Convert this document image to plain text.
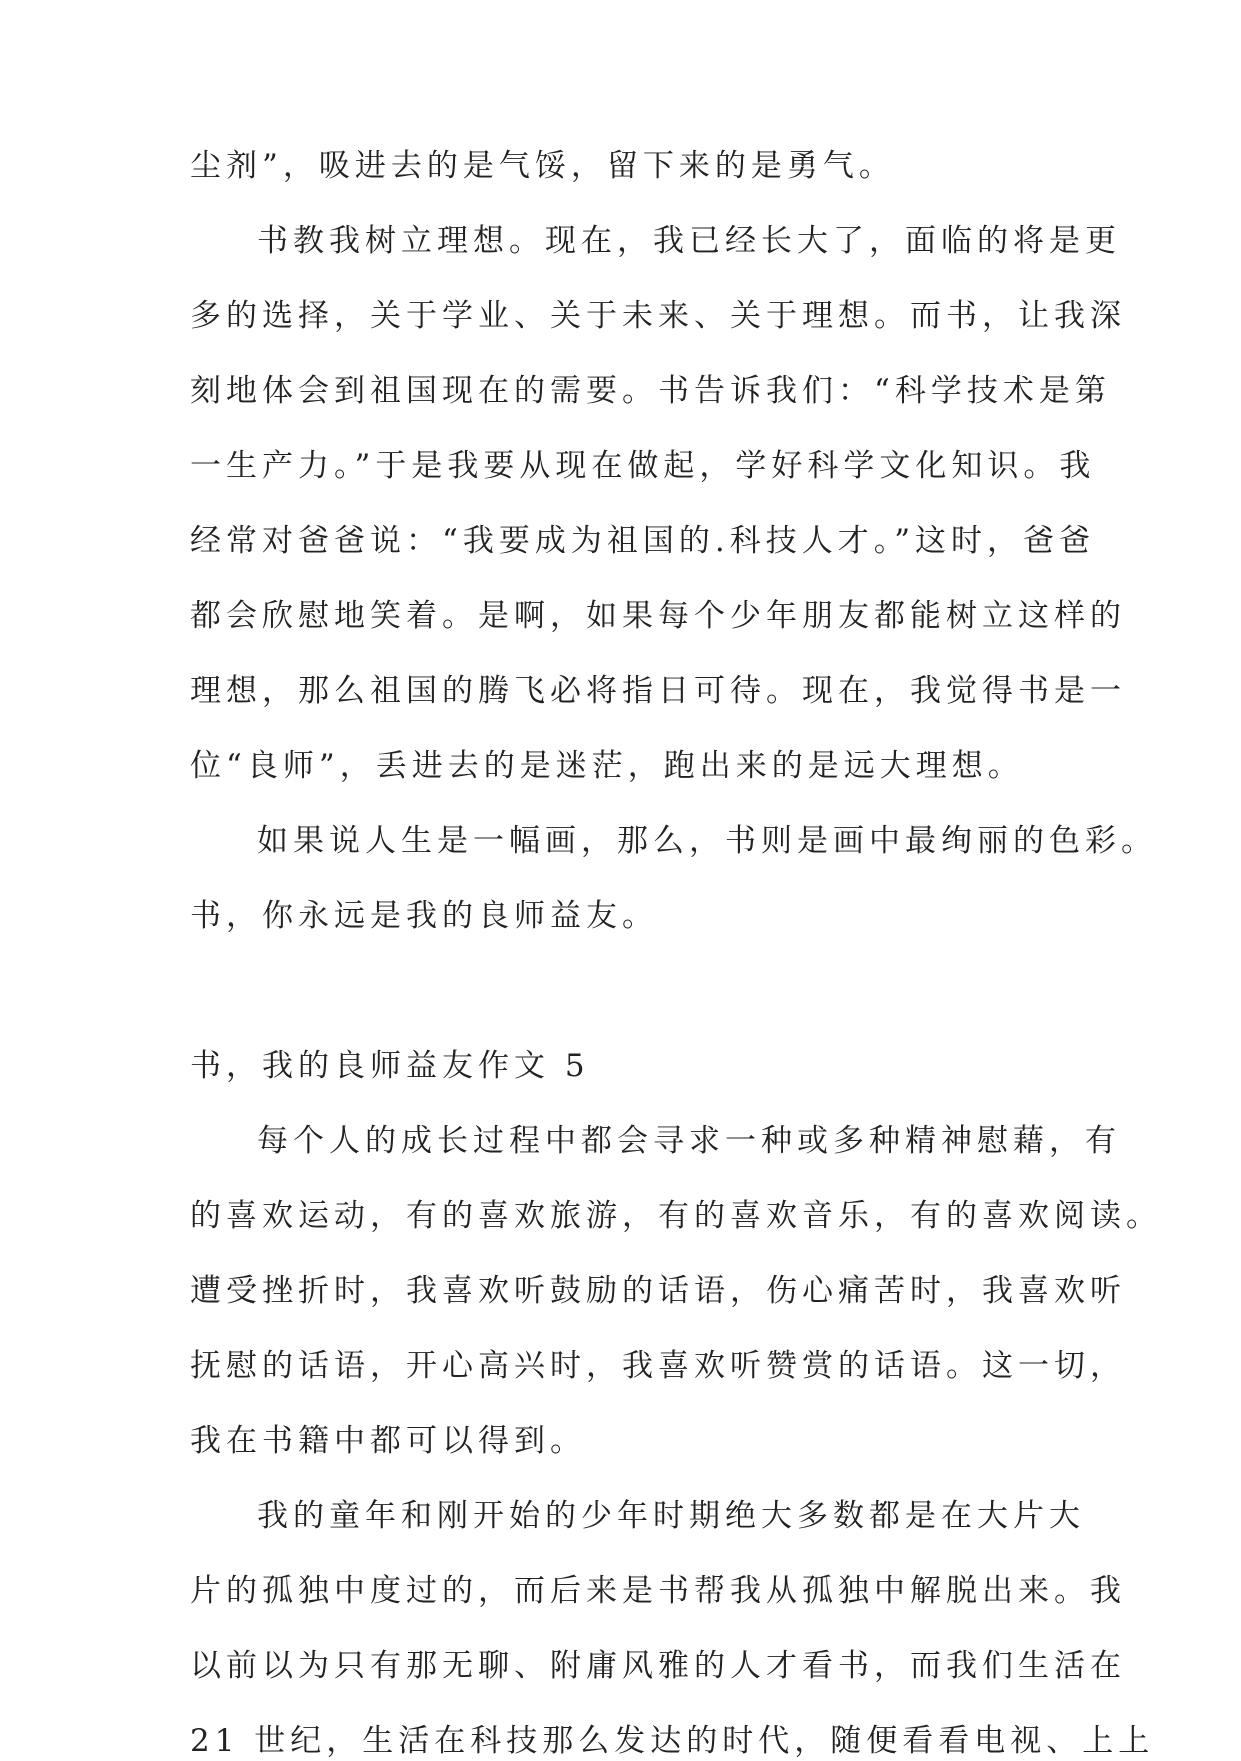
尘剂”，吸进去的是气馁，留下来的是勇气。
书教我树立理想。现在，我已经长大了，面临的将是更
多的选择，关于学业、关于未来、关于理想。而书，让我深
刻地体会到祖国现在的需要。书告诉我们：“科学技术是第
一生产力。”于是我要从现在做起，学好科学文化知识。我
经常对爸爸说：“我要成为祖国的.科技人才。”这时，爸爸
都会欣慰地笑着。是啊，如果每个少年朋友都能树立这样的
理想，那么祖国的腾飞必将指日可待。现在，我觉得书是一
位“良师”，丢进去的是迷茫，跑出来的是远大理想。
如果说人生是一幅画，那么，书则是画中最绚丽的色彩。
书，你永远是我的良师益友。
书，我的良师益友作文 5
每个人的成长过程中都会寻求一种或多种精神慰藉，有
的喜欢运动，有的喜欢旅游，有的喜欢音乐，有的喜欢阅读。
遭受挫折时，我喜欢听鼓励的话语，伤心痛苦时，我喜欢听
抚慰的话语，开心高兴时，我喜欢听赞赏的话语。这一切，
我在书籍中都可以得到。
我的童年和刚开始的少年时期绝大多数都是在大片大
片的孤独中度过的，而后来是书帮我从孤独中解脱出来。我
以前以为只有那无聊、附庸风雅的人才看书，而我们生活在
21 世纪，生活在科技那么发达的时代，随便看看电视、上上
